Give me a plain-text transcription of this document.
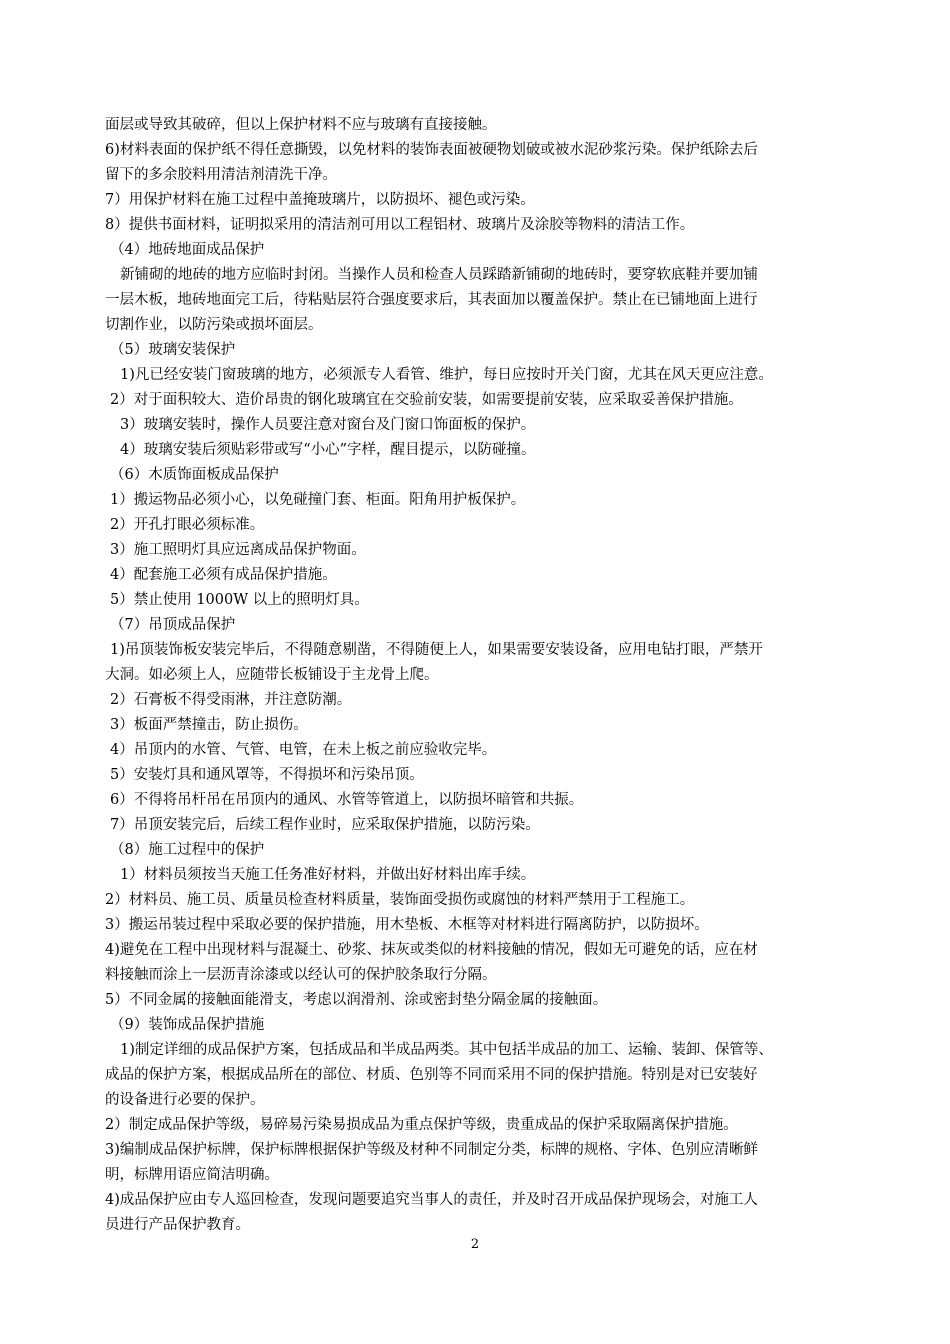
面层或导致其破碎，但以上保护材料不应与玻璃有直接接触。
6)材料表面的保护纸不得任意撕毁，以免材料的装饰表面被硬物划破或被水泥砂浆污染。保护纸除去后
留下的多余胶料用清洁剂清洗干净。
7）用保护材料在施工过程中盖掩玻璃片，以防损坏、褪色或污染。
8）提供书面材料，证明拟采用的清洁剂可用以工程铝材、玻璃片及涂胶等物料的清洁工作。
（4）地砖地面成品保护
新铺砌的地砖的地方应临时封闭。当操作人员和检查人员踩踏新铺砌的地砖时，要穿软底鞋并要加铺
一层木板，地砖地面完工后，待粘贴层符合强度要求后，其表面加以覆盖保护。禁止在已铺地面上进行
切割作业，以防污染或损坏面层。
（5）玻璃安装保护
1)凡已经安装门窗玻璃的地方，必须派专人看管、维护，每日应按时开关门窗，尤其在风天更应注意。
2）对于面积较大、造价昂贵的钢化玻璃宜在交验前安装，如需要提前安装，应采取妥善保护措施。
3）玻璃安装时，操作人员要注意对窗台及门窗口饰面板的保护。
4）玻璃安装后须贴彩带或写“小心”字样，醒目提示，以防碰撞。
（6）木质饰面板成品保护
1）搬运物品必须小心，以免碰撞门套、柜面。阳角用护板保护。
2）开孔打眼必须标准。
3）施工照明灯具应远离成品保护物面。
4）配套施工必须有成品保护措施。
5）禁止使用 1000W 以上的照明灯具。
（7）吊顶成品保护
1)吊顶装饰板安装完毕后，不得随意剔凿，不得随便上人，如果需要安装设备，应用电钻打眼，严禁开
大洞。如必须上人，应随带长板铺设于主龙骨上爬。
2）石膏板不得受雨淋，并注意防潮。
3）板面严禁撞击，防止损伤。
4）吊顶内的水管、气管、电管，在未上板之前应验收完毕。
5）安装灯具和通风罩等，不得损坏和污染吊顶。
6）不得将吊杆吊在吊顶内的通风、水管等管道上，以防损坏暗管和共振。
7）吊顶安装完后，后续工程作业时，应采取保护措施，以防污染。
（8）施工过程中的保护
1）材料员须按当天施工任务准好材料，并做出好材料出库手续。
2）材料员、施工员、质量员检查材料质量，装饰面受损伤或腐蚀的材料严禁用于工程施工。
3）搬运吊装过程中采取必要的保护措施，用木垫板、木框等对材料进行隔离防护，以防损坏。
4)避免在工程中出现材料与混凝土、砂浆、抹灰或类似的材料接触的情况，假如无可避免的话，应在材
料接触而涂上一层沥青涂漆或以经认可的保护胶条取行分隔。
5）不同金属的接触面能滑支，考虑以润滑剂、涂或密封垫分隔金属的接触面。
（9）装饰成品保护措施
1)制定详细的成品保护方案，包括成品和半成品两类。其中包括半成品的加工、运输、装卸、保管等、
成品的保护方案，根据成品所在的部位、材质、色别等不同而采用不同的保护措施。特别是对已安装好
的设备进行必要的保护。
2）制定成品保护等级，易碎易污染易损成品为重点保护等级，贵重成品的保护采取隔离保护措施。
3)编制成品保护标牌，保护标牌根据保护等级及材种不同制定分类，标牌的规格、字体、色别应清晰鲜
明，标牌用语应简洁明确。
4)成品保护应由专人巡回检查，发现问题要追究当事人的责任，并及时召开成品保护现场会，对施工人
员进行产品保护教育。
2
